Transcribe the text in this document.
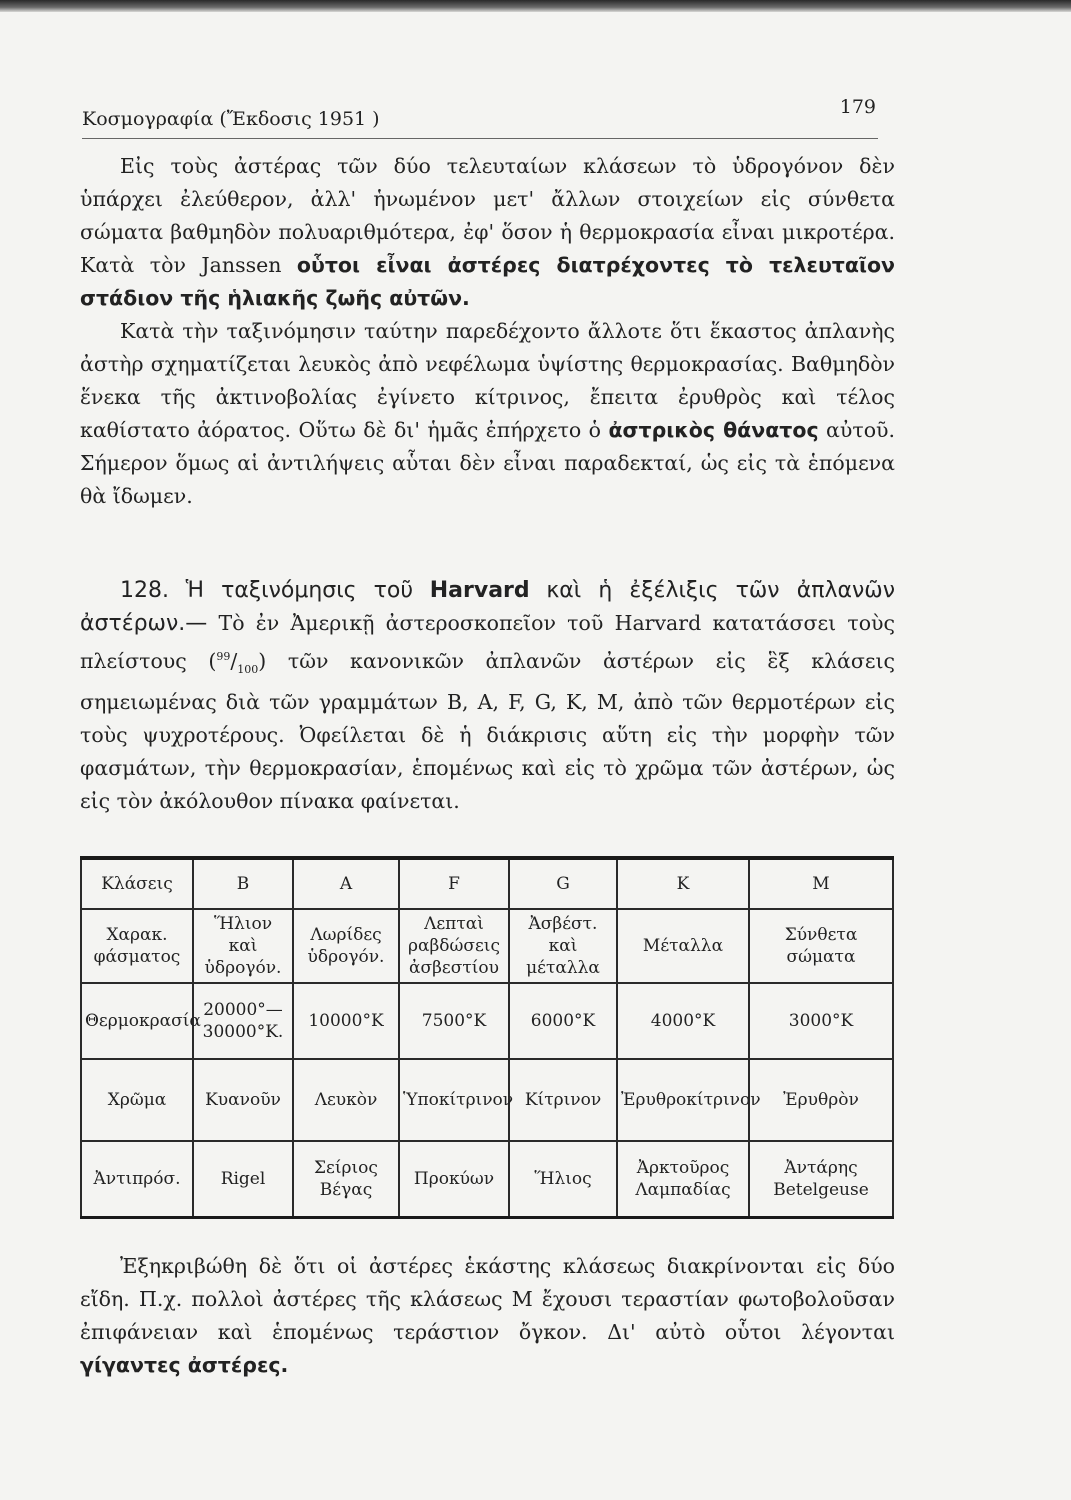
Κοσμογραφία (Ἔκδοσις 1951 )
179

Εἰς τοὺς ἀστέρας τῶν δύο τελευταίων κλάσεων τὸ ὑδρογόνον δὲν ὑπάρχει ἐλεύθερον, ἀλλ' ἡνωμένον μετ' ἄλλων στοιχείων εἰς σύνθετα σώματα βαθμηδὸν πολυαριθμότερα, ἐφ' ὅσον ἡ θερμοκρασία εἶναι μικροτέρα. Κατὰ τὸν Janssen οὗτοι εἶναι ἀστέρες διατρέχοντες τὸ τελευταῖον στάδιον τῆς ἡλιακῆς ζωῆς αὐτῶν.

Κατὰ τὴν ταξινόμησιν ταύτην παρεδέχοντο ἄλλοτε ὅτι ἕκαστος ἀπλανὴς ἀστὴρ σχηματίζεται λευκὸς ἀπὸ νεφέλωμα ὑψίστης θερμοκρασίας. Βαθμηδὸν ἕνεκα τῆς ἀκτινοβολίας ἐγίνετο κίτρινος, ἔπειτα ἐρυθρὸς καὶ τέλος καθίστατο ἀόρατος. Οὕτω δὲ δι' ἡμᾶς ἐπήρχετο ὁ ἀστρικὸς θάνατος αὐτοῦ. Σήμερον ὅμως αἱ ἀντιλήψεις αὗται δὲν εἶναι παραδεκταί, ὡς εἰς τὰ ἑπόμενα θὰ ἴδωμεν.

128. Ἡ ταξινόμησις τοῦ Harvard καὶ ἡ ἐξέλιξις τῶν ἀπλανῶν ἀστέρων.— Τὸ ἐν Ἀμερικῇ ἀστεροσκοπεῖον τοῦ Harvard κατατάσσει τοὺς πλείστους $(^{99}/_{100})$ τῶν κανονικῶν ἀπλανῶν ἀστέρων εἰς ἓξ κλάσεις σημειωμένας διὰ τῶν γραμμάτων B, A, F, G, K, M, ἀπὸ τῶν θερμοτέρων εἰς τοὺς ψυχροτέρους. Ὀφείλεται δὲ ἡ διάκρισις αὕτη εἰς τὴν μορφὴν τῶν φασμάτων, τὴν θερμοκρασίαν, ἑπομένως καὶ εἰς τὸ χρῶμα τῶν ἀστέρων, ὡς εἰς τὸν ἀκόλουθον πίνακα φαίνεται.

Κλάσεις	B	A	F	G	K	M
Χαρακ. φάσματος	Ἥλιον καὶ ὑδρογόν.	Λωρίδες ὑδρογόν.	Λεπταὶ ραβδώσεις ἀσβεστίου	Ἀσβέστ. καὶ μέταλλα	Μέταλλα	Σύνθετα σώματα
Θερμοκρασία	20000°—30000°Κ.	10000°Κ	7500°Κ	6000°Κ	4000°Κ	3000°Κ
Χρῶμα	Κυανοῦν	Λευκὸν	Ὑποκίτρινον	Κίτρινον	Ἐρυθροκίτρινον	Ἐρυθρὸν
Ἀντιπρόσ.	Rigel	Σείριος Βέγας	Προκύων	Ἥλιος	Ἀρκτοῦρος Λαμπαδίας	Ἀντάρης Betelgeuse

Ἐξηκριβώθη δὲ ὅτι οἱ ἀστέρες ἑκάστης κλάσεως διακρίνονται εἰς δύο εἴδη. Π.χ. πολλοὶ ἀστέρες τῆς κλάσεως M ἔχουσι τεραστίαν φωτοβολοῦσαν ἐπιφάνειαν καὶ ἑπομένως τεράστιον ὄγκον. Δι' αὐτὸ οὗτοι λέγονται γίγαντες ἀστέρες.
